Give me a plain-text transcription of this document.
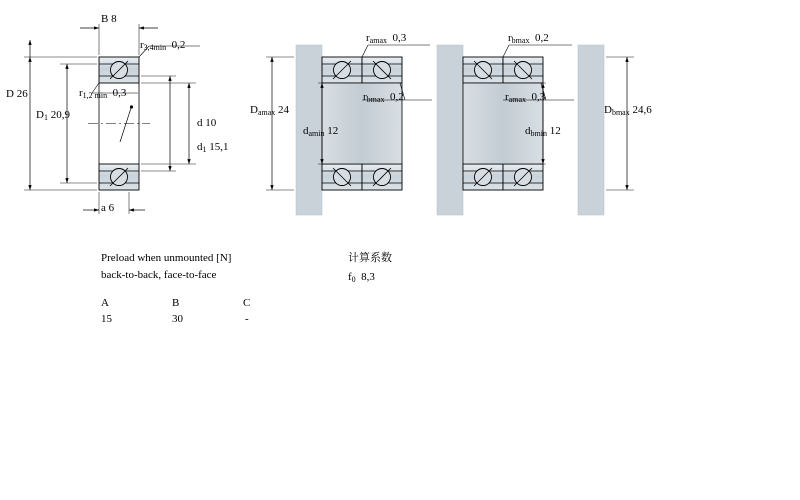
B 8
$r_{3,4min}$ 0,2
D 26	$r_{1,2 min}$ 0,3
$D_1$ 20,9
d 10
$d_1$ 15,1
a 6
$r_{amax}$ 0,3
$r_{bmax}$ 0,2
$D_{amax}$ 24
$d_{amin}$ 12
$r_{bmax}$ 0,2
$r_{amax}$ 0,3
$D_{bmax}$ 24,6
$d_{bmin}$ 12
Preload when unmounted [N]
back-to-back, face-to-face
A	B	C
15	30	-
计算系数
$f_0$ 8,3
